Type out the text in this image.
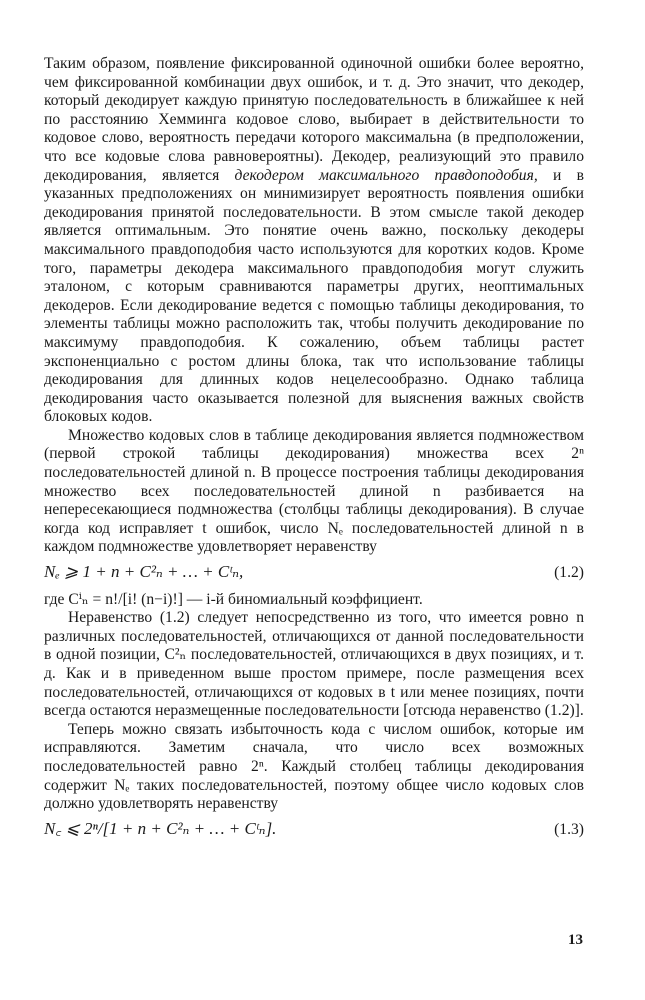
Таким образом, появление фиксированной одиночной ошибки более вероятно, чем фиксированной комбинации двух ошибок, и т. д. Это значит, что декодер, который декодирует каждую принятую последовательность в ближайшее к ней по расстоянию Хемминга кодовое слово, выбирает в действительности то кодовое слово, вероятность передачи которого максимальна (в предположении, что все кодовые слова равновероятны). Декодер, реализующий это правило декодирования, является декодером максимального правдоподобия, и в указанных предположениях он минимизирует вероятность появления ошибки декодирования принятой последовательности. В этом смысле такой декодер является оптимальным. Это понятие очень важно, поскольку декодеры максимального правдоподобия часто используются для коротких кодов. Кроме того, параметры декодера максимального правдоподобия могут служить эталоном, с которым сравниваются параметры других, неоптимальных декодеров. Если декодирование ведется с помощью таблицы декодирования, то элементы таблицы можно расположить так, чтобы получить декодирование по максимуму правдоподобия. К сожалению, объем таблицы растет экспоненциально с ростом длины блока, так что использование таблицы декодирования для длинных кодов нецелесообразно. Однако таблица декодирования часто оказывается полезной для выяснения важных свойств блоковых кодов.

Множество кодовых слов в таблице декодирования является подмножеством (первой строкой таблицы декодирования) множества всех 2ⁿ последовательностей длиной n. В процессе построения таблицы декодирования множество всех последовательностей длиной n разбивается на непересекающиеся подмножества (столбцы таблицы декодирования). В случае когда код исправляет t ошибок, число Nₑ последовательностей длиной n в каждом подмножестве удовлетворяет неравенству

Nₑ ⩾ 1 + n + C²ₙ + … + Cᵗₙ,	(1.2)

где Cⁱₙ = n!/[i! (n−i)!] — i-й биномиальный коэффициент.

Неравенство (1.2) следует непосредственно из того, что имеется ровно n различных последовательностей, отличающихся от данной последовательности в одной позиции, C²ₙ последовательностей, отличающихся в двух позициях, и т. д. Как и в приведенном выше простом примере, после размещения всех последовательностей, отличающихся от кодовых в t или менее позициях, почти всегда остаются неразмещенные последовательности [отсюда неравенство (1.2)].

Теперь можно связать избыточность кода с числом ошибок, которые им исправляются. Заметим сначала, что число всех возможных последовательностей равно 2ⁿ. Каждый столбец таблицы декодирования содержит Nₑ таких последовательностей, поэтому общее число кодовых слов должно удовлетворять неравенству

N꜀ ⩽ 2ⁿ/[1 + n + C²ₙ + … + Cᵗₙ].	(1.3)
13
